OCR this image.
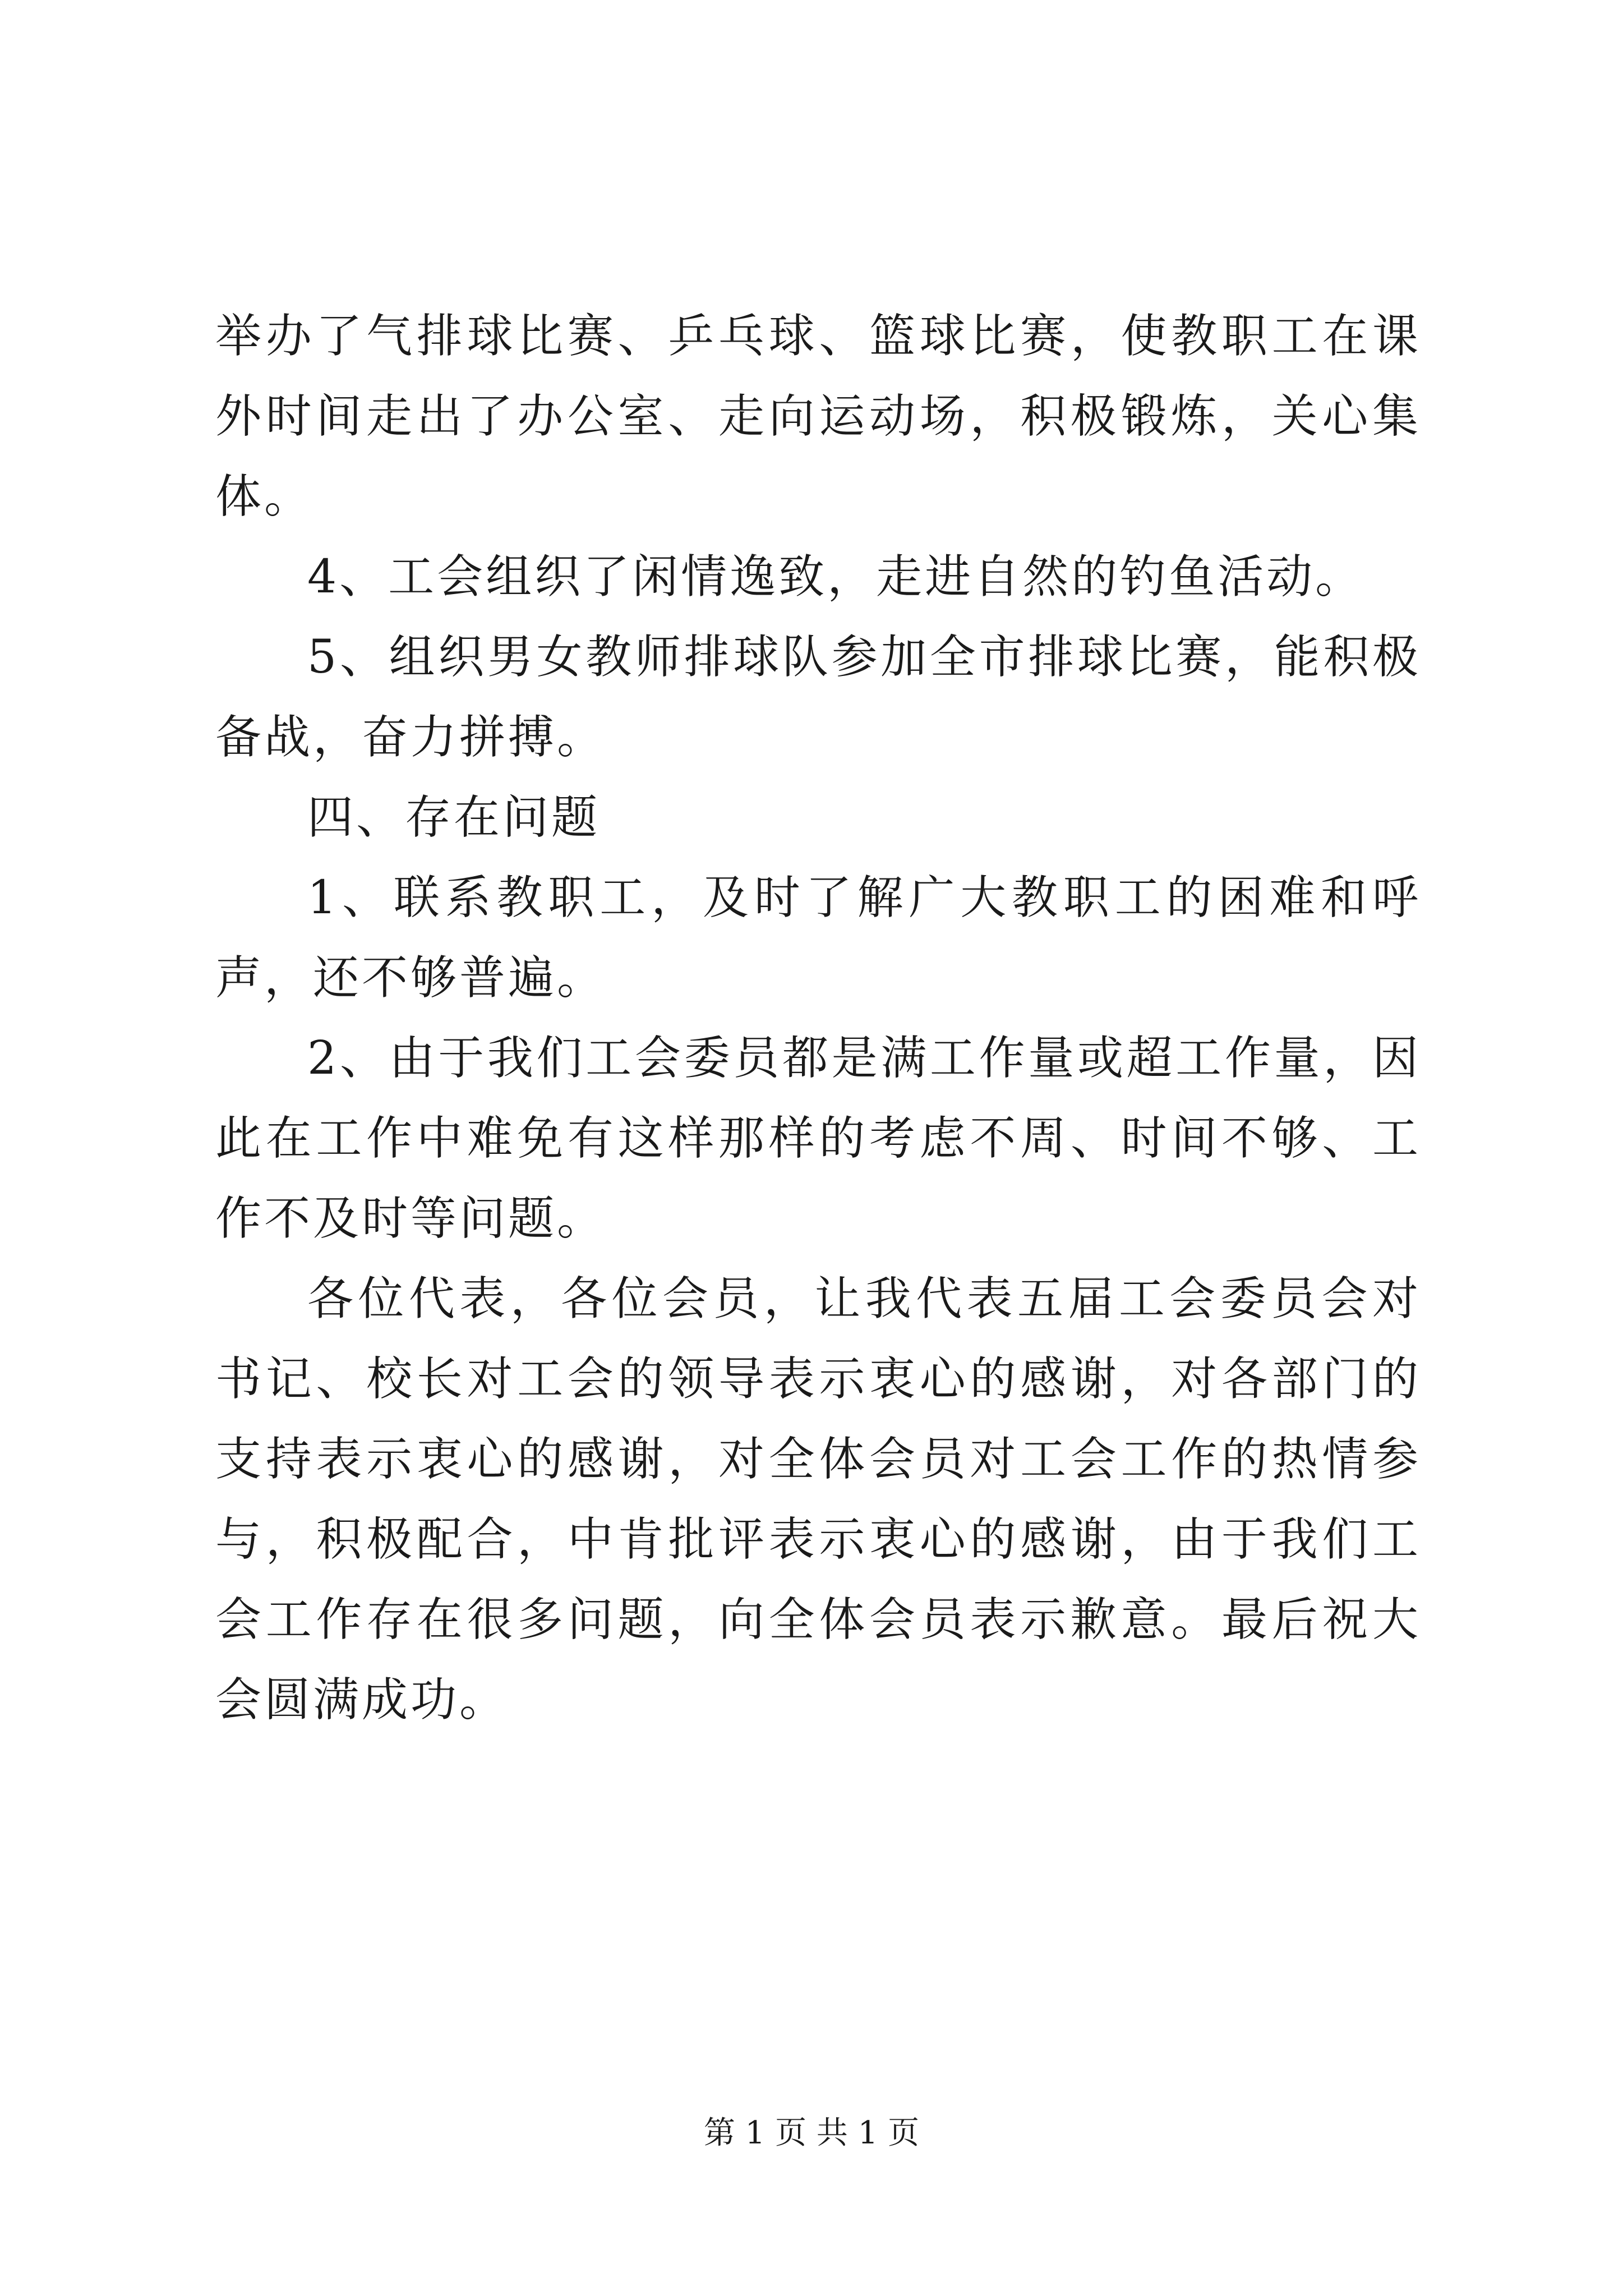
举办了气排球比赛、乒乓球、篮球比赛，使教职工在课外时间走出了办公室、走向运动场，积极锻炼，关心集体。

4、工会组织了闲情逸致，走进自然的钓鱼活动。

5、组织男女教师排球队参加全市排球比赛，能积极备战，奋力拼搏。

四、存在问题

1、联系教职工，及时了解广大教职工的困难和呼声，还不够普遍。

2、由于我们工会委员都是满工作量或超工作量，因此在工作中难免有这样那样的考虑不周、时间不够、工作不及时等问题。

各位代表，各位会员，让我代表五届工会委员会对书记、校长对工会的领导表示衷心的感谢，对各部门的支持表示衷心的感谢，对全体会员对工会工作的热情参与，积极配合，中肯批评表示衷心的感谢，由于我们工会工作存在很多问题，向全体会员表示歉意。最后祝大会圆满成功。

第 1 页 共 1 页
